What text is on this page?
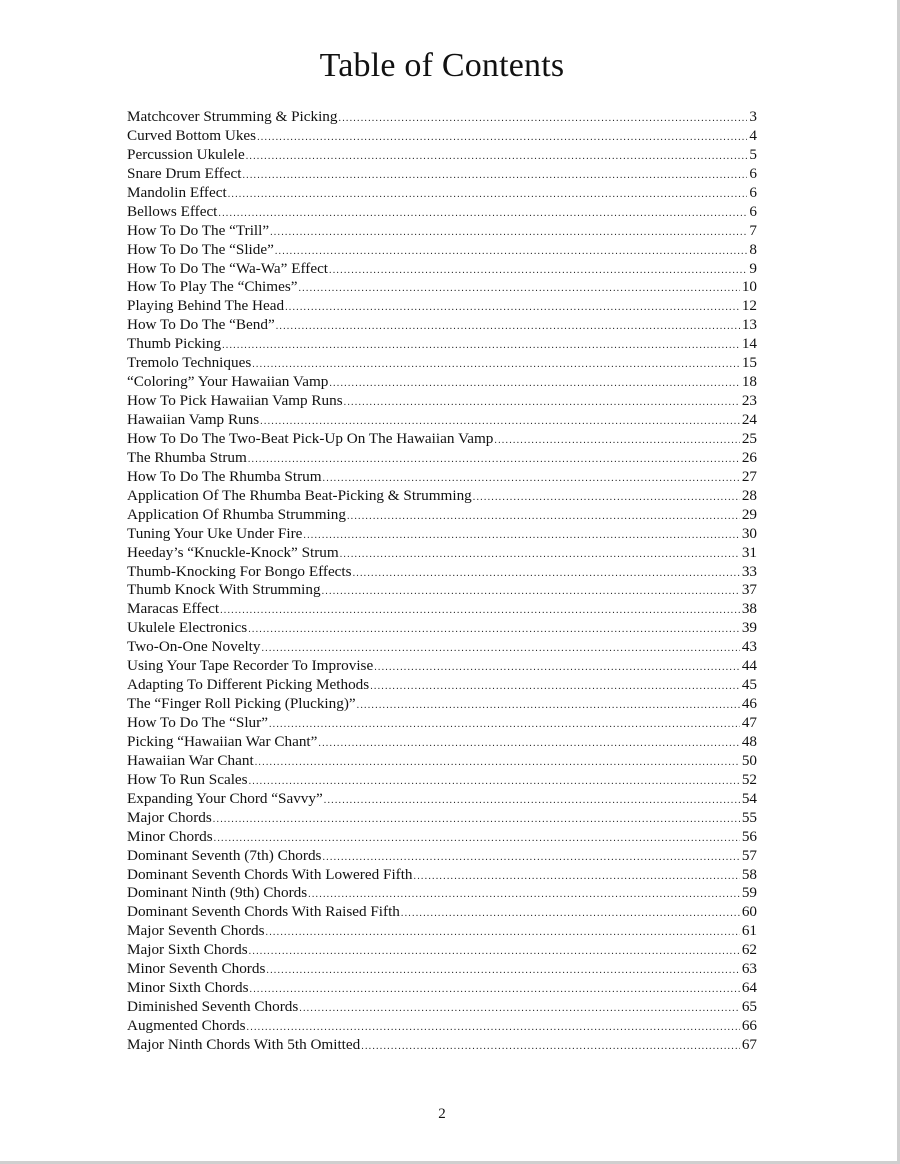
Table of Contents
Matchcover Strumming & Picking .....	3
Curved Bottom Ukes .....	4
Percussion Ukulele .....	5
Snare Drum Effect .....	6
Mandolin Effect .....	6
Bellows Effect .....	6
How To Do The “Trill” .....	7
How To Do The “Slide” .....	8
How To Do The “Wa-Wa” Effect .....	9
How To Play The “Chimes” .....	10
Playing Behind The Head .....	12
How To Do The “Bend” .....	13
Thumb Picking .....	14
Tremolo Techniques .....	15
“Coloring” Your Hawaiian Vamp .....	18
How To Pick Hawaiian Vamp Runs .....	23
Hawaiian Vamp Runs .....	24
How To Do The Two-Beat Pick-Up On The Hawaiian Vamp .....	25
The Rhumba Strum .....	26
How To Do The Rhumba Strum .....	27
Application Of The Rhumba Beat-Picking & Strumming .....	28
Application Of Rhumba Strumming .....	29
Tuning Your Uke Under Fire .....	30
Heeday’s “Knuckle-Knock” Strum .....	31
Thumb-Knocking For Bongo Effects .....	33
Thumb Knock With Strumming .....	37
Maracas Effect .....	38
Ukulele Electronics .....	39
Two-On-One Novelty .....	43
Using Your Tape Recorder To Improvise .....	44
Adapting To Different Picking Methods .....	45
The “Finger Roll Picking (Plucking)” .....	46
How To Do The “Slur” .....	47
Picking “Hawaiian War Chant” .....	48
Hawaiian War Chant .....	50
How To Run Scales .....	52
Expanding Your Chord “Savvy” .....	54
Major Chords .....	55
Minor Chords .....	56
Dominant Seventh (7th) Chords .....	57
Dominant Seventh Chords With Lowered Fifth .....	58
Dominant Ninth (9th) Chords .....	59
Dominant Seventh Chords With Raised Fifth .....	60
Major Seventh Chords .....	61
Major Sixth Chords .....	62
Minor Seventh Chords .....	63
Minor Sixth Chords .....	64
Diminished Seventh Chords .....	65
Augmented Chords .....	66
Major Ninth Chords With 5th Omitted .....	67
2
